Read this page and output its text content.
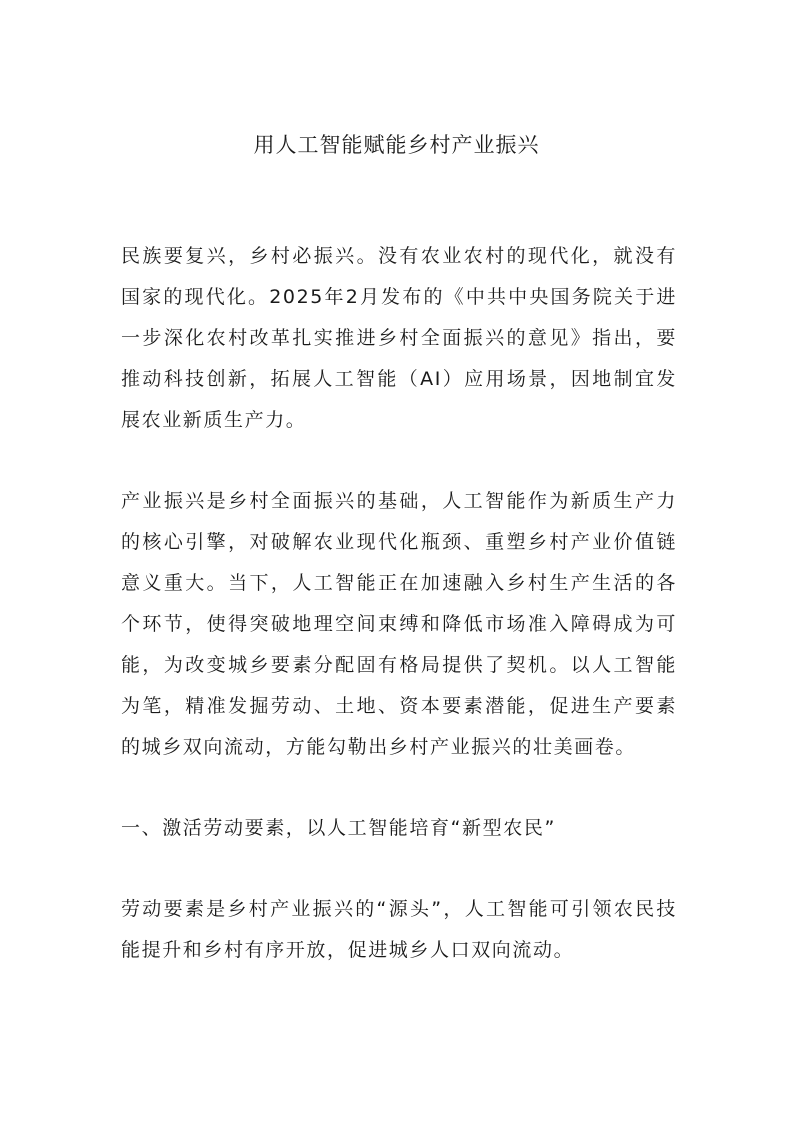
用人工智能赋能乡村产业振兴

民族要复兴，乡村必振兴。没有农业农村的现代化，就没有国家的现代化。2025年2月发布的《中共中央国务院关于进一步深化农村改革扎实推进乡村全面振兴的意见》指出，要推动科技创新，拓展人工智能（AI）应用场景，因地制宜发展农业新质生产力。

产业振兴是乡村全面振兴的基础，人工智能作为新质生产力的核心引擎，对破解农业现代化瓶颈、重塑乡村产业价值链意义重大。当下，人工智能正在加速融入乡村生产生活的各个环节，使得突破地理空间束缚和降低市场准入障碍成为可能，为改变城乡要素分配固有格局提供了契机。以人工智能为笔，精准发掘劳动、土地、资本要素潜能，促进生产要素的城乡双向流动，方能勾勒出乡村产业振兴的壮美画卷。

一、激活劳动要素，以人工智能培育“新型农民”

劳动要素是乡村产业振兴的“源头”，人工智能可引领农民技能提升和乡村有序开放，促进城乡人口双向流动。
